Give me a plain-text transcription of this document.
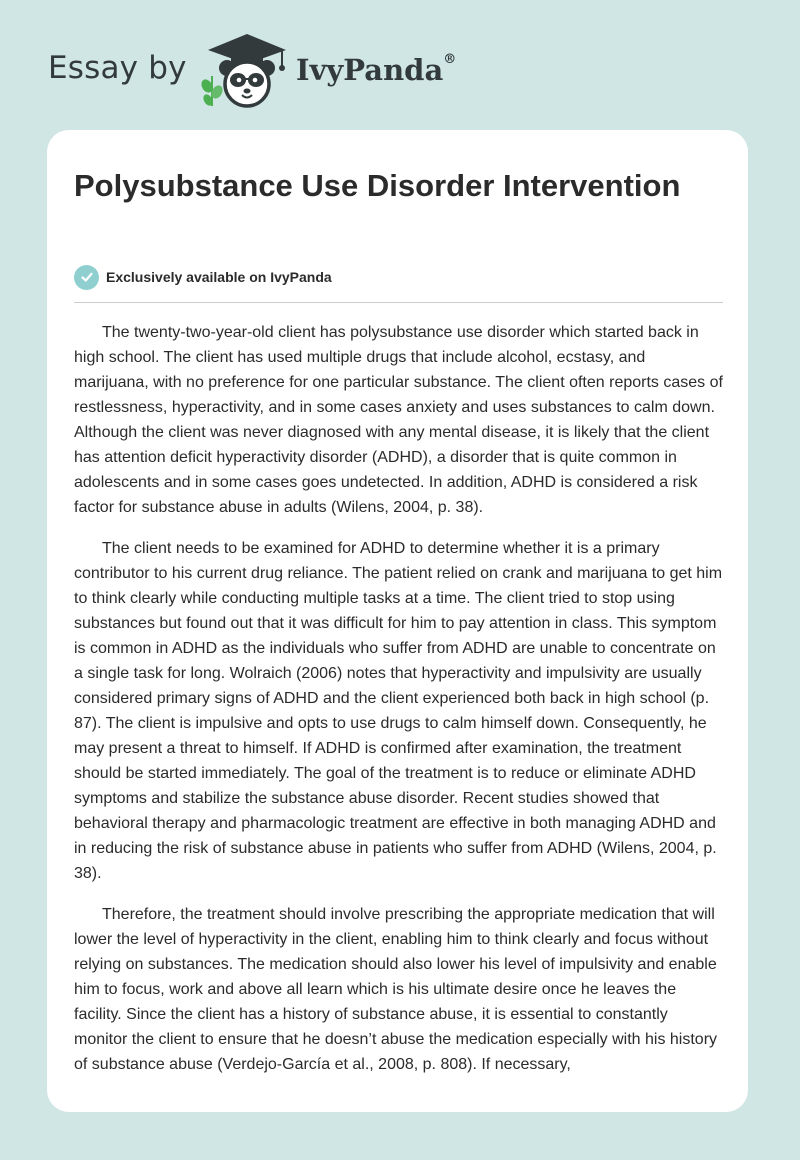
Essay by	IvyPanda®
Polysubstance Use Disorder Intervention
Exclusively available on IvyPanda

The twenty-two-year-old client has polysubstance use disorder which started back in high school. The client has used multiple drugs that include alcohol, ecstasy, and marijuana, with no preference for one particular substance. The client often reports cases of restlessness, hyperactivity, and in some cases anxiety and uses substances to calm down. Although the client was never diagnosed with any mental disease, it is likely that the client has attention deficit hyperactivity disorder (ADHD), a disorder that is quite common in adolescents and in some cases goes undetected. In addition, ADHD is considered a risk factor for substance abuse in adults (Wilens, 2004, p. 38).

The client needs to be examined for ADHD to determine whether it is a primary contributor to his current drug reliance. The patient relied on crank and marijuana to get him to think clearly while conducting multiple tasks at a time. The client tried to stop using substances but found out that it was difficult for him to pay attention in class. This symptom is common in ADHD as the individuals who suffer from ADHD are unable to concentrate on a single task for long. Wolraich (2006) notes that hyperactivity and impulsivity are usually considered primary signs of ADHD and the client experienced both back in high school (p. 87). The client is impulsive and opts to use drugs to calm himself down. Consequently, he may present a threat to himself. If ADHD is confirmed after examination, the treatment should be started immediately. The goal of the treatment is to reduce or eliminate ADHD symptoms and stabilize the substance abuse disorder. Recent studies showed that behavioral therapy and pharmacologic treatment are effective in both managing ADHD and in reducing the risk of substance abuse in patients who suffer from ADHD (Wilens, 2004, p. 38).

Therefore, the treatment should involve prescribing the appropriate medication that will lower the level of hyperactivity in the client, enabling him to think clearly and focus without relying on substances. The medication should also lower his level of impulsivity and enable him to focus, work and above all learn which is his ultimate desire once he leaves the facility. Since the client has a history of substance abuse, it is essential to constantly monitor the client to ensure that he doesn’t abuse the medication especially with his history of substance abuse (Verdejo-García et al., 2008, p. 808). If necessary,
